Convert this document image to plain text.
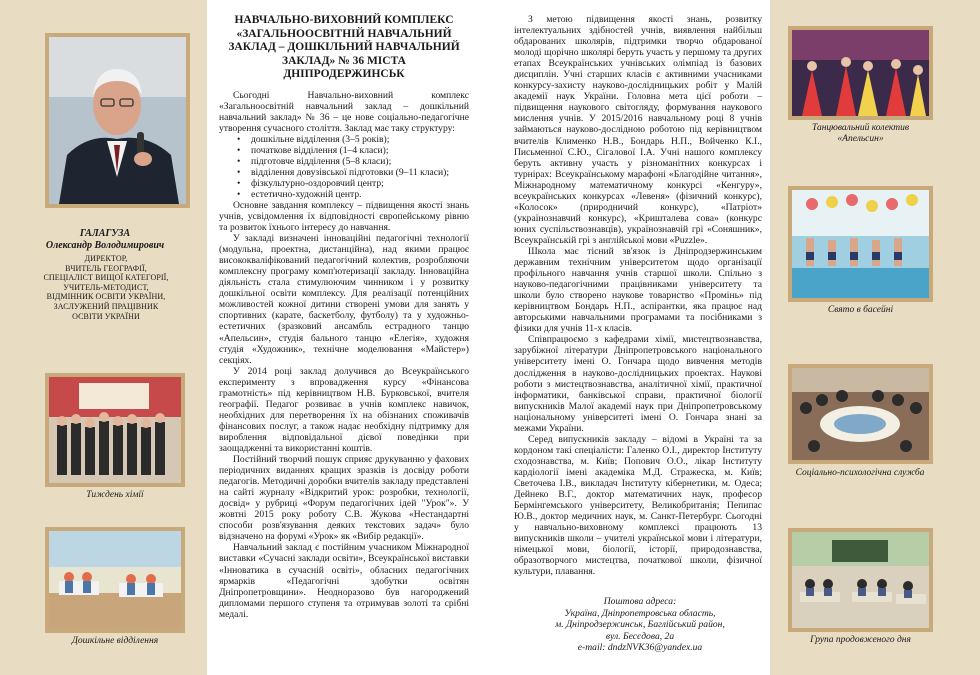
ГАЛАГУЗА
Олександр Володимирович
ДИРЕКТОР,
ВЧИТЕЛЬ ГЕОГРАФІЇ,
СПЕЦІАЛІСТ ВИЩОЇ КАТЕГОРІЇ,
УЧИТЕЛЬ-МЕТОДИСТ,
ВІДМІННИК ОСВІТИ УКРАЇНИ,
ЗАСЛУЖЕНИЙ ПРАЦІВНИК
ОСВІТИ УКРАЇНИ
Тиждень хімії
Дошкільне відділення
НАВЧАЛЬНО-ВИХОВНИЙ КОМПЛЕКС «ЗАГАЛЬНООСВІТНІЙ НАВЧАЛЬНИЙ ЗАКЛАД – ДОШКІЛЬНИЙ НАВЧАЛЬНИЙ ЗАКЛАД» № 36 МІСТА ДНІПРОДЕРЖИНСЬК

Сьогодні Навчально-виховний комплекс «Загальноосвітній навчальний заклад – дошкільний навчальний заклад» № 36 – це нове соціально-педагогічне утворення сучасного століття. Заклад має таку структуру:

• дошкільне відділення (3–5 років);
• початкове відділення (1–4 класи);
• підготовче відділення (5–8 класи);
• відділення довузівської підготовки (9–11 класи);
• фізкультурно-оздоровчий центр;
• естетично-художній центр.

Основне завдання комплексу – підвищення якості знань учнів, усвідомлення їх відповідності європейському рівню та розвиток їхнього інтересу до навчання.

У закладі визначені інноваційні педагогічні технології (модульна, проектна, дистанційна), над якими працює висококваліфікований педагогічний колектив, розробляючи комплексну програму комп'ютеризації закладу. Інноваційна діяльність стала стимулюючим чинником і у розвитку дошкільної освіти комплексу. Для реалізації потенційних можливостей кожної дитини створені умови для занять у спортивних (карате, баскетболу, футболу) та у художньо-естетичних (зразковий ансамбль естрадного танцю «Апельсин», студія бального танцю «Елегія», художня студія «Художник», технічне моделювання «Майстер») секціях.

У 2014 році заклад долучився до Всеукраїнського експерименту з впровадження курсу «Фінансова грамотність» під керівництвом Н.В. Бурковської, вчителя географії. Педагог розвиває в учнів комплекс навичок, необхідних для перетворення їх на обізнаних споживачів фінансових послуг, а також надає необхідну підтримку для вироблення відповідальної дієвої поведінки при заощадженні та використанні коштів.

Постійний творчий пошук сприяє друкуванню у фахових періодичних виданнях кращих зразків із досвіду роботи педагогів. Методичні доробки вчителів закладу представлені на сайті журналу «Відкритий урок: розробки, технології, досвід» у рубриці «Форум педагогічних ідей "Урок"». У жовтні 2015 року роботу С.В. Жукова «Нестандартні способи розв'язування деяких текстових задач» було відзначено на форумі «Урок» як «Вибір редакції».

Навчальний заклад є постійним учасником Міжнародної виставки «Сучасні заклади освіти», Всеукраїнської виставки «Інноватика в сучасній освіті», обласних педагогічних ярмарків «Педагогічні здобутки освітян Дніпропетровщини». Неодноразово був нагороджений дипломами першого ступеня та отримував золоті та срібні медалі.

З метою підвищення якості знань, розвитку інтелектуальних здібностей учнів, виявлення найбільш обдарованих школярів, підтримки творчо обдарованої молоді щорічно школярі беруть участь у першому та других етапах Всеукраїнських учнівських олімпіад із базових дисциплін. Учні старших класів є активними учасниками конкурсу-захисту науково-дослідницьких робіт у Малій академії наук України. Головна мета цієї роботи – підвищення наукового світогляду, формування наукового мислення учнів. У 2015/2016 навчальному році 8 учнів займаються науково-дослідною роботою під керівництвом вчителів Клименко Н.В., Бондарь Н.П., Войченко К.І., Письменної С.Ю., Сігалової І.А. Учні нашого комплексу беруть активну участь у різноманітних конкурсах і турнірах: Всеукраїнському марафоні «Благодійне читання», Міжнародному математичному конкурсі «Кенгуру», всеукраїнських конкурсах «Левеня» (фізичний конкурс), «Колосок» (природничий конкурс), «Патріот» (українознавчий конкурс), «Кришталева сова» (конкурс юних суспільствознавців), українознавчій грі «Соняшник», Всеукраїнській грі з англійської мови «Puzzle».

Школа має тісний зв'язок із Дніпродзержинським державним технічним університетом щодо організації профільного навчання учнів старшої школи. Спільно з науково-педагогічними працівниками університету та школи було створено наукове товариство «Промінь» під керівництвом Бондарь Н.П., аспірантки, яка працює над авторськими навчальними програмами та посібниками з фізики для учнів 11-х класів.

Співпрацюємо з кафедрами хімії, мистецтвознавства, зарубіжної літератури Дніпропетровського національного університету імені О. Гончара щодо вивчення методів дослідження в науково-дослідницьких проектах. Наукові роботи з мистецтвознавства, аналітичної хімії, практичної інформатики, банківської справи, практичної біології випускників Малої академії наук при Дніпропетровському національному університеті імені О. Гончара знані за межами України.

Серед випускників закладу – відомі в Україні та за кордоном такі спеціалісти: Галенко О.І., директор Інституту сходознавства, м. Київ; Попович О.О., лікар Інституту кардіології імені академіка М.Д. Стражеска, м. Київ; Светочева І.В., викладач Інституту кібернетики, м. Одеса; Дейнеко В.Г., доктор математичних наук, професор Бермінгемського університету, Великобританія; Пепипас Ю.В., доктор медичних наук, м. Санкт-Петербург. Сьогодні у навчально-виховному комплексі працюють 13 випускників школи – учителі української мови і літератури, німецької мови, біології, історії, природознавства, образотворчого мистецтва, початкової школи, фізичної культури, плавання.

Поштова адреса:
Україна, Дніпропетровська область,
м. Дніпродзержинськ, Баглійський район,
вул. Бесєдова, 2а
e-mail: dndzNVK36@yandex.ua
Танцювальний колектив
«Апельсин»
Свято в басейні
Соціально-психологічна служба
Група продовженого дня
